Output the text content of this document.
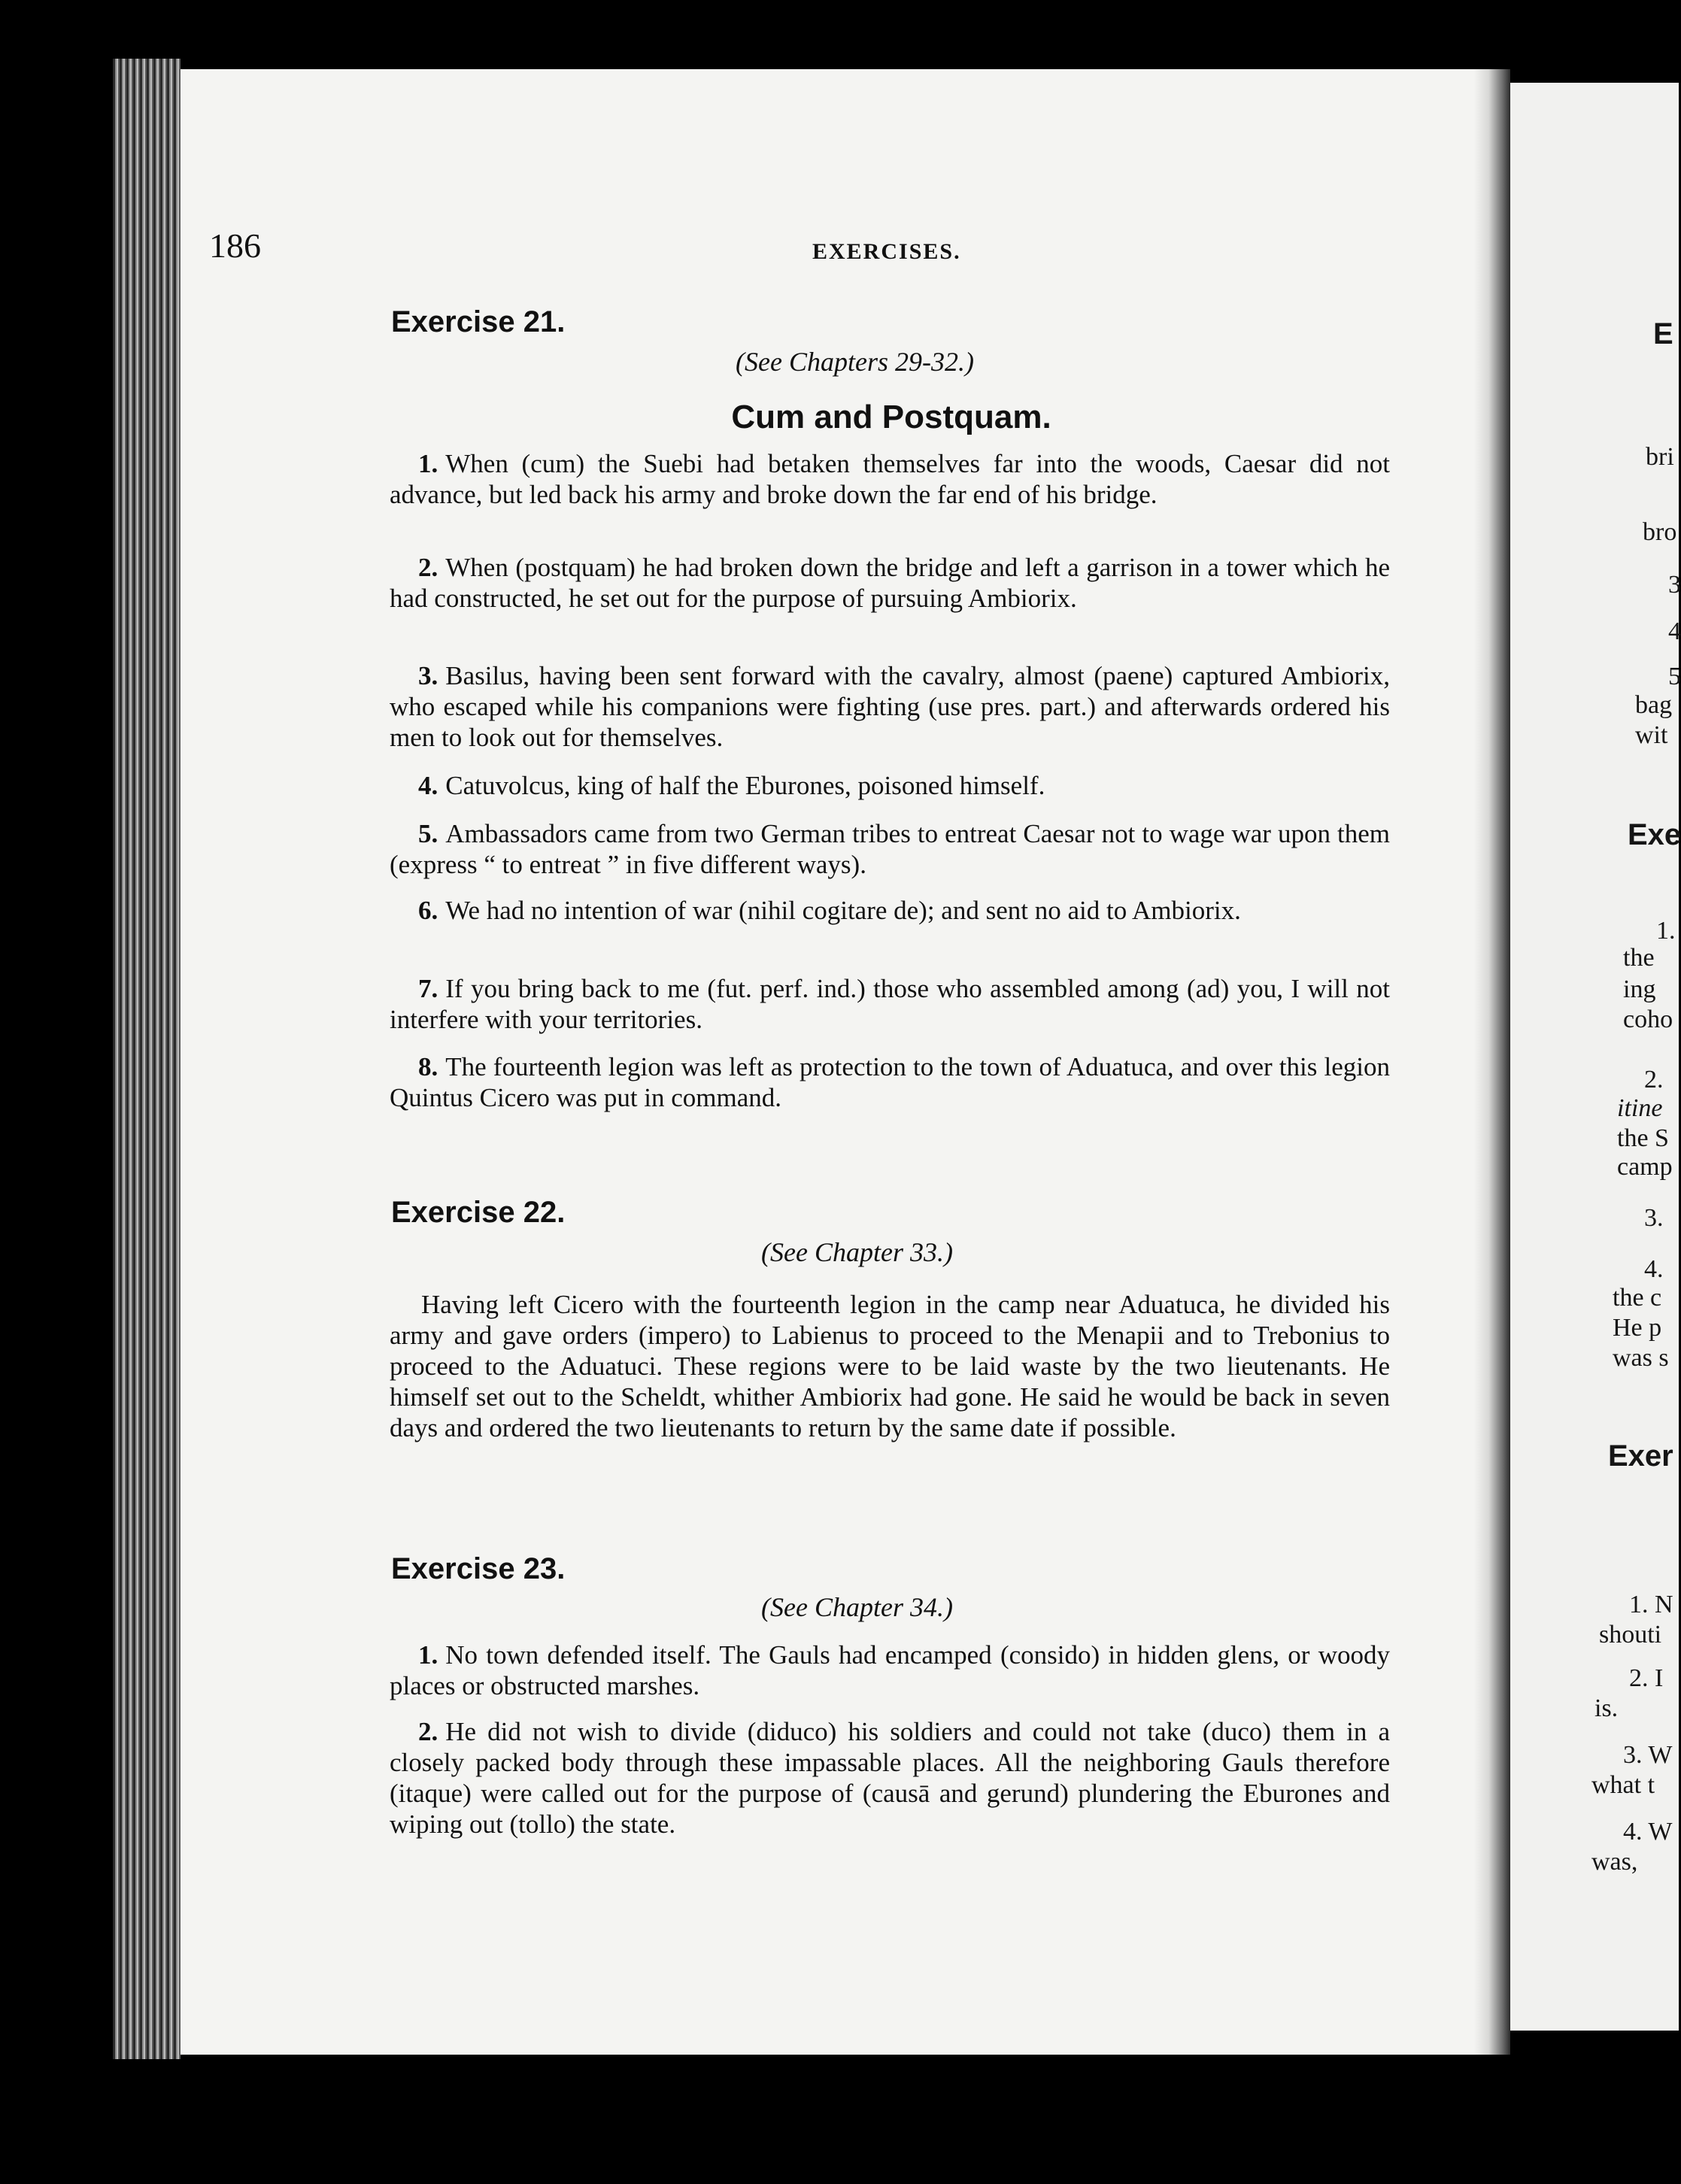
E
bri
bro
3
4
5
bag
wit
Exe
1.
the
ing
coho
2.
itine
the S
camp
3.
4.
the c
He p
was s
Exer
1. N
shouti
2. I
is.
3. W
what t
4. W
was,
186	EXERCISES.
Exercise 21.
(See Chapters 29-32.)
Cum and Postquam.

1. When (cum) the Suebi had betaken themselves far into the woods, Caesar did not advance, but led back his army and broke down the far end of his bridge.

2. When (postquam) he had broken down the bridge and left a garrison in a tower which he had constructed, he set out for the purpose of pursuing Ambiorix.

3. Basilus, having been sent forward with the cavalry, almost (paene) captured Ambiorix, who escaped while his companions were fighting (use pres. part.) and afterwards ordered his men to look out for themselves.

4. Catuvolcus, king of half the Eburones, poisoned himself.

5. Ambassadors came from two German tribes to entreat Caesar not to wage war upon them (express “ to entreat ” in five different ways).

6. We had no intention of war (nihil cogitare de); and sent no aid to Ambiorix.

7. If you bring back to me (fut. perf. ind.) those who assembled among (ad) you, I will not interfere with your territories.

8. The fourteenth legion was left as protection to the town of Aduatuca, and over this legion Quintus Cicero was put in command.

Exercise 22.
(See Chapter 33.)

Having left Cicero with the fourteenth legion in the camp near Aduatuca, he divided his army and gave orders (impero) to Labienus to proceed to the Menapii and to Trebonius to proceed to the Aduatuci. These regions were to be laid waste by the two lieutenants. He himself set out to the Scheldt, whither Ambiorix had gone. He said he would be back in seven days and ordered the two lieutenants to return by the same date if possible.

Exercise 23.
(See Chapter 34.)

1. No town defended itself. The Gauls had encamped (consido) in hidden glens, or woody places or obstructed marshes.

2. He did not wish to divide (diduco) his soldiers and could not take (duco) them in a closely packed body through these impassable places. All the neighboring Gauls therefore (itaque) were called out for the purpose of (causā and gerund) plundering the Eburones and wiping out (tollo) the state.
